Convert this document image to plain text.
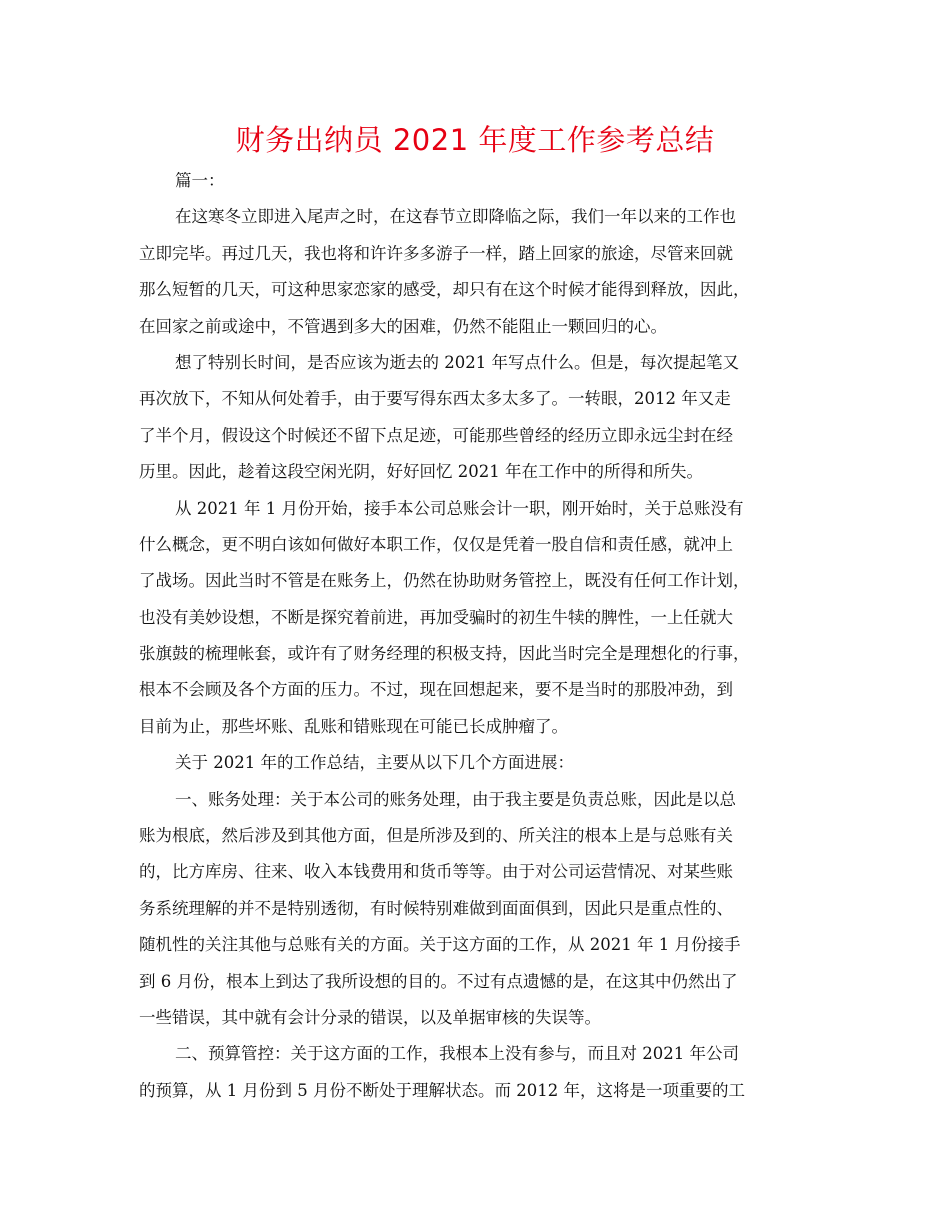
财务出纳员 2021 年度工作参考总结
篇一：
在这寒冬立即进入尾声之时，在这春节立即降临之际，我们一年以来的工作也
立即完毕。再过几天，我也将和许许多多游子一样，踏上回家的旅途，尽管来回就
那么短暂的几天，可这种思家恋家的感受，却只有在这个时候才能得到释放，因此，
在回家之前或途中，不管遇到多大的困难，仍然不能阻止一颗回归的心。
想了特别长时间，是否应该为逝去的 2021 年写点什么。但是，每次提起笔又
再次放下，不知从何处着手，由于要写得东西太多太多了。一转眼，2012 年又走
了半个月，假设这个时候还不留下点足迹，可能那些曾经的经历立即永远尘封在经
历里。因此，趁着这段空闲光阴，好好回忆 2021 年在工作中的所得和所失。
从 2021 年 1 月份开始，接手本公司总账会计一职，刚开始时，关于总账没有
什么概念，更不明白该如何做好本职工作，仅仅是凭着一股自信和责任感，就冲上
了战场。因此当时不管是在账务上，仍然在协助财务管控上，既没有任何工作计划，
也没有美妙设想，不断是探究着前进，再加受骗时的初生牛犊的脾性，一上任就大
张旗鼓的梳理帐套，或许有了财务经理的积极支持，因此当时完全是理想化的行事，
根本不会顾及各个方面的压力。不过，现在回想起来，要不是当时的那股冲劲，到
目前为止，那些坏账、乱账和错账现在可能已长成肿瘤了。
关于 2021 年的工作总结，主要从以下几个方面进展：
一、账务处理：关于本公司的账务处理，由于我主要是负责总账，因此是以总
账为根底，然后涉及到其他方面，但是所涉及到的、所关注的根本上是与总账有关
的，比方库房、往来、收入本钱费用和货币等等。由于对公司运营情况、对某些账
务系统理解的并不是特别透彻，有时候特别难做到面面俱到，因此只是重点性的、
随机性的关注其他与总账有关的方面。关于这方面的工作，从 2021 年 1 月份接手
到 6 月份，根本上到达了我所设想的目的。不过有点遗憾的是，在这其中仍然出了
一些错误，其中就有会计分录的错误，以及单据审核的失误等。
二、预算管控：关于这方面的工作，我根本上没有参与，而且对 2021 年公司
的预算，从 1 月份到 5 月份不断处于理解状态。而 2012 年，这将是一项重要的工
